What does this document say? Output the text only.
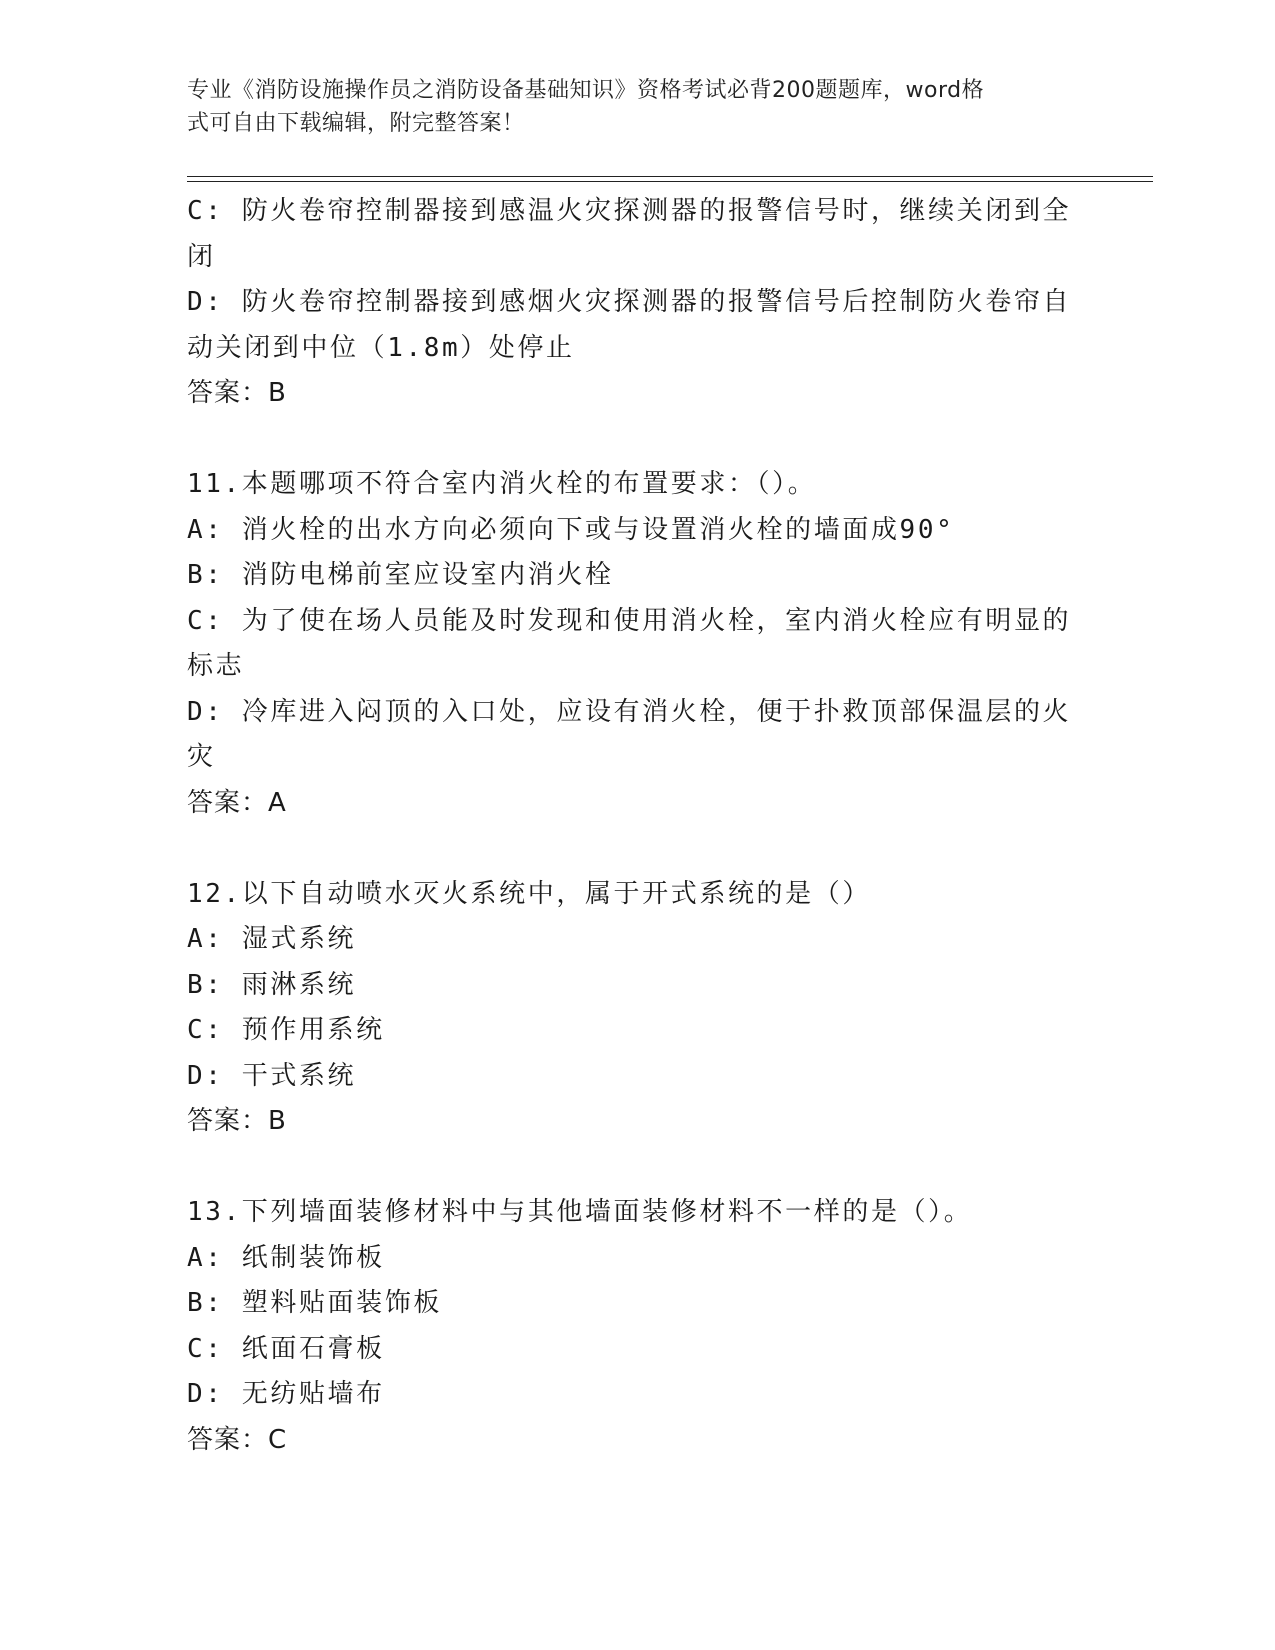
专业《消防设施操作员之消防设备基础知识》资格考试必背200题题库，word格
式可自由下载编辑，附完整答案！
C: 防火卷帘控制器接到感温火灾探测器的报警信号时，继续关闭到全
闭
D: 防火卷帘控制器接到感烟火灾探测器的报警信号后控制防火卷帘自
动关闭到中位（1.8m）处停止
答案：B
11.本题哪项不符合室内消火栓的布置要求：（）。
A: 消火栓的出水方向必须向下或与设置消火栓的墙面成90°
B: 消防电梯前室应设室内消火栓
C: 为了使在场人员能及时发现和使用消火栓，室内消火栓应有明显的
标志
D: 冷库进入闷顶的入口处，应设有消火栓，便于扑救顶部保温层的火
灾
答案：A
12.以下自动喷水灭火系统中，属于开式系统的是（）
A: 湿式系统
B: 雨淋系统
C: 预作用系统
D: 干式系统
答案：B
13.下列墙面装修材料中与其他墙面装修材料不一样的是（）。
A: 纸制装饰板
B: 塑料贴面装饰板
C: 纸面石膏板
D: 无纺贴墙布
答案：C
